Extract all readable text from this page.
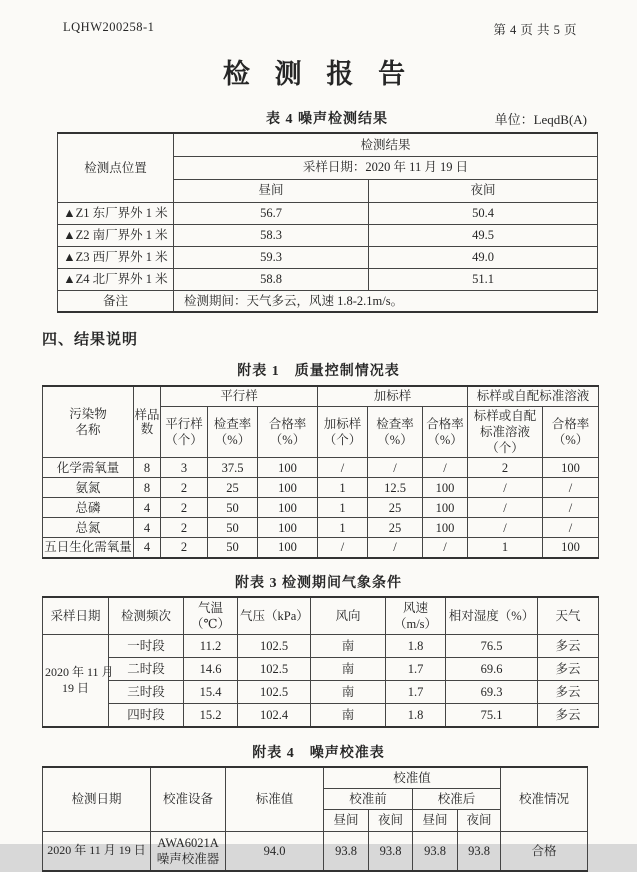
LQHW200258-1	第 4 页 共 5 页
检 测 报 告
表 4 噪声检测结果	单位：LeqdB(A)
检测点位置	检测结果	
	采样日期：2020 年 11 月 19 日	
	昼间	夜间
▲Z1 东厂界外 1 米	56.7	50.4
▲Z2 南厂界外 1 米	58.3	49.5
▲Z3 西厂界外 1 米	59.3	49.0
▲Z4 北厂界外 1 米	58.8	51.1
备注	检测期间：天气多云，风速 1.8-2.1m/s。	
四、结果说明
附表 1　质量控制情况表
污染物
名称	样品数	平行样			加标样			标样或自配标准溶液	
		平行样（个）	检查率（%）	合格率（%）	加标样（个）	检查率（%）	合格率（%）	标样或自配标准溶液（个）	合格率（%）
化学需氧量	8	3	37.5	100	/	/	/	2	100
氨氮	8	2	25	100	1	12.5	100	/	/
总磷	4	2	50	100	1	25	100	/	/
总氮	4	2	50	100	1	25	100	/	/
五日生化需氧量	4	2	50	100	/	/	/	1	100
附表 3 检测期间气象条件
采样日期	检测频次	气温（℃）	气压（kPa）	风向	风速（m/s）	相对湿度（%）	天气

2020 年 11 月
19 日	一时段	11.2	102.5	南	1.8	76.5	多云
	二时段	14.6	102.5	南	1.7	69.6	多云
	三时段	15.4	102.5	南	1.7	69.3	多云
	四时段	15.2	102.4	南	1.8	75.1	多云
附表 4　噪声校准表
检测日期	校准设备	标准值	校准值				校准情况
			校准前		校准后		
			昼间	夜间	昼间	夜间	
2020 年 11 月 19 日	AWA6021A
噪声校准器	94.0	93.8	93.8	93.8	93.8	合格
